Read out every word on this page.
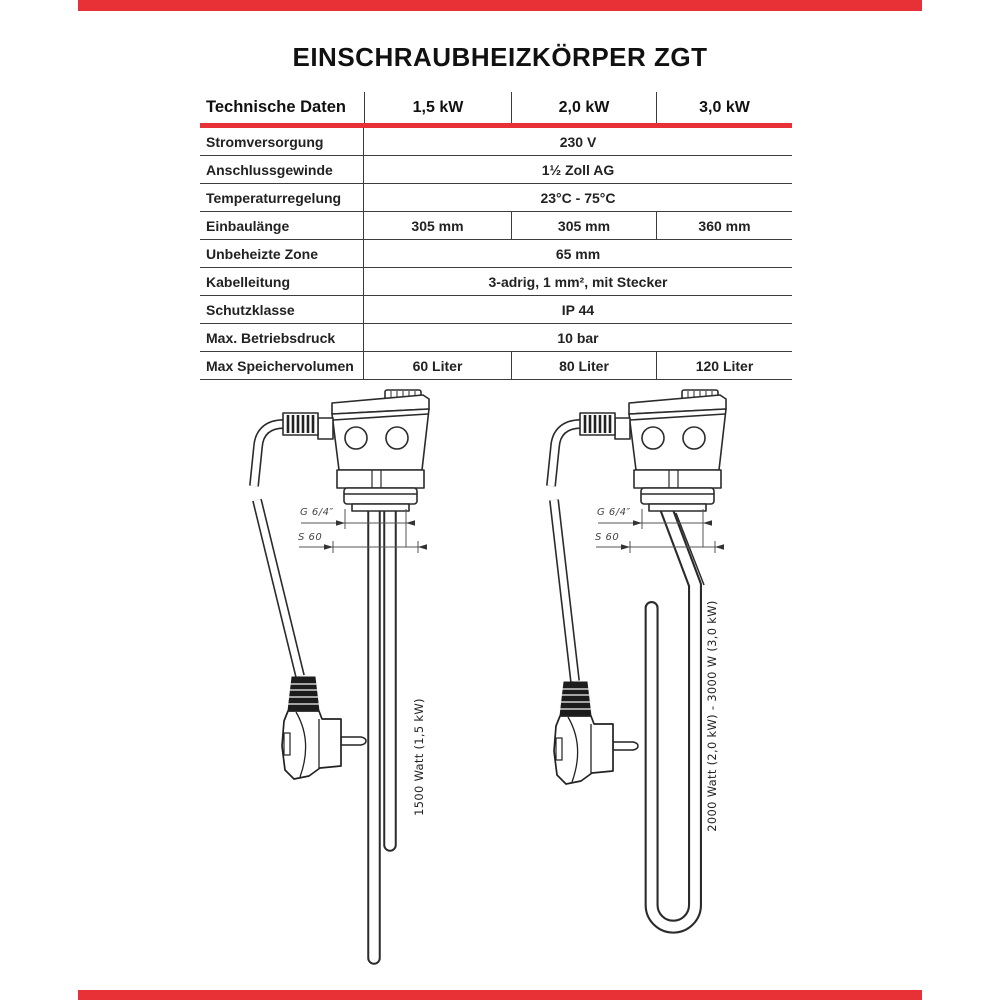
EINSCHRAUBHEIZKÖRPER ZGT
Technische Daten	1,5 kW	2,0 kW	3,0 kW
Stromversorgung	230 V
Anschlussgewinde	1½ Zoll AG
Temperaturregelung	23°C - 75°C
Einbaulänge	305 mm	305 mm	360 mm
Unbeheizte Zone	65 mm
Kabelleitung	3-adrig, 1 mm², mit Stecker
Schutzklasse	IP 44
Max. Betriebsdruck	10 bar
Max Speichervolumen	60 Liter	80 Liter	120 Liter
G 6/4″
S 60
G 6/4″
S 60
1500 Watt (1,5 kW)	2000 Watt (2,0 kW) - 3000 W (3,0 kW)
